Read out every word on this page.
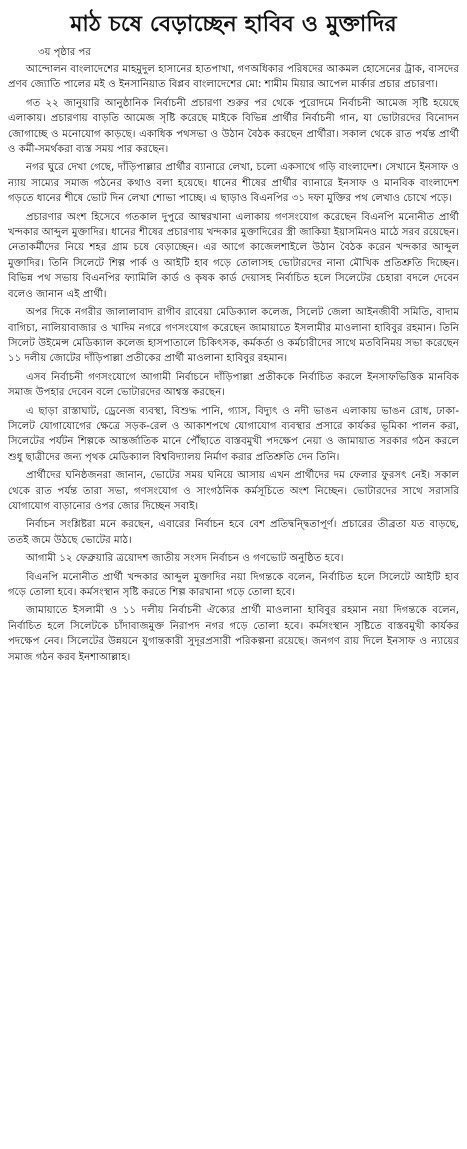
মাঠ চষে বেড়াচ্ছেন হাবিব ও মুক্তাদির
৩য় পৃষ্ঠার পর

আন্দোলন বাংলাদেশের মাহমুদুল হাসানের হাতপাখা, গণঅধিকার পরিষদের আকমল হোসেনের ট্রাক, বাসদের প্রণব জ্যোতি পালের মই ও ইনসানিয়াত বিপ্লব বাংলাদেশের মো: শামীম মিয়ার আপেল মার্কার প্রচার প্রচারণা।

গত ২২ জানুয়ারি আনুষ্ঠানিক নির্বাচনী প্রচারণা শুরুর পর থেকে পুরোদমে নির্বাচনী আমেজ সৃষ্টি হয়েছে এলাকায়। প্রচারণায় বাড়তি আমেজ সৃষ্টি করেছে মাইকে বিভিন্ন প্রার্থীর নির্বাচনী গান, যা ভোটারদের বিনোদন জোগাচ্ছে ও মনোযোগ কাড়ছে। একাধিক পথসভা ও উঠান বৈঠক করছেন প্রার্থীরা। সকাল থেকে রাত পর্যন্ত প্রার্থী ও কর্মী-সমর্থকরা ব্যস্ত সময় পার করছেন।

নগর ঘুরে দেখা গেছে, দাঁড়িপাল্লার প্রার্থীর ব্যানারে লেখা, চলো একসাথে গড়ি বাংলাদেশ। সেখানে ইনসাফ ও ন্যায় সাম্যের সমাজ গঠনের কথাও বলা হয়েছে। ধানের শীষের প্রার্থীর ব্যানারে ইনসাফ ও মানবিক বাংলাদেশ গড়তে ধানের শীষে ভোট দিন লেখা শোভা পাচ্ছে। এ ছাড়াও বিএনপির ৩১ দফা মুক্তির পথ লেখাও চোখে পড়ে।

প্রচারণার অংশ হিসেবে গতকাল দুপুরে আম্বরখানা এলাকায় গণসংযোগ করেছেন বিএনপি মনোনীত প্রার্থী খন্দকার আব্দুল মুক্তাদির। ধানের শীষের প্রচারণায় খন্দকার মুক্তাদিরের স্ত্রী জাকিয়া ইয়াসমিনও মাঠে সরব রয়েছেন। নেতাকর্মীদের নিয়ে শহর গ্রাম চষে বেড়াচ্ছেন। এর আগে কাজেলশাইলে উঠান বৈঠক করেন খন্দকার আব্দুল মুক্তাদির। তিনি সিলেটে শিল্প পার্ক ও আইটি হাব গড়ে তোলাসহ ভোটারদের নানা মৌখিক প্রতিশ্রুতি দিচ্ছেন। বিভিন্ন পথ সভায় বিএনপির ফ্যামিলি কার্ড ও কৃষক কার্ড দেয়াসহ নির্বাচিত হলে সিলেটের চেহারা বদলে দেবেন বলেও জানান এই প্রার্থী।

অপর দিকে নগরীর জালালাবাদ রাগীব রাবেয়া মেডিক্যাল কলেজ, সিলেট জেলা আইনজীবী সমিতি, বাদাম বাগিচা, নালিয়াবাজার ও খাদিম নগরে গণসংযোগ করেছেন জামায়াতে ইসলামীর মাওলানা হাবিবুর রহমান। তিনি সিলেট উইমেন্স মেডিক্যাল কলেজ হাসপাতালে চিকিৎসক, কর্মকর্তা ও কর্মচারীদের সাথে মতবিনিময় সভা করেছেন ১১ দলীয় জোটের দাঁড়িপাল্লা প্রতীকের প্রার্থী মাওলানা হাবিবুর রহমান।

এসব নির্বাচনী গণসংযোগে আগামী নির্বাচনে দাঁড়িপাল্লা প্রতীককে নির্বাচিত করলে ইনসাফভিত্তিক মানবিক সমাজ উপহার দেবেন বলে ভোটারদের আশ্বস্ত করছেন।

এ ছাড়া রাস্তাঘাট, ড্রেনেজ ব্যবস্থা, বিশুদ্ধ পানি, গ্যাস, বিদ্যুৎ ও নদী ভাঙন এলাকায় ভাঙন রোধ, ঢাকা-সিলেট যোগাযোগের ক্ষেত্রে সড়ক-রেল ও আকাশপথে যোগাযোগ ব্যবস্থার প্রসারে কার্যকর ভূমিকা পালন করা, সিলেটের পর্যটন শিল্পকে আন্তর্জাতিক মানে পৌঁছাতে বাস্তবমুখী পদক্ষেপ নেয়া ও জামায়াত সরকার গঠন করলে শুধু ছাত্রীদের জন্য পৃথক মেডিক্যাল বিশ্ববিদ্যালয় নির্মাণ করার প্রতিশ্রুতি দেন তিনি।

প্রার্থীদের ঘনিষ্ঠজনরা জানান, ভোটের সময় ঘনিয়ে আসায় এখন প্রার্থীদের দম ফেলার ফুরসৎ নেই। সকাল থেকে রাত পর্যন্ত তারা সভা, গণসংযোগ ও সাংগঠনিক কর্মসূচিতে অংশ নিচ্ছেন। ভোটারদের সাথে সরাসরি যোগাযোগ বাড়ানোর ওপর জোর দিচ্ছেন সবাই।

নির্বাচন সংশ্লিষ্টরা মনে করছেন, এবারের নির্বাচন হবে বেশ প্রতিদ্বন্দ্বিতাপূর্ণ। প্রচারের তীব্রতা যত বাড়ছে, ততই জমে উঠছে ভোটের মাঠ।

আগামী ১২ ফেব্রুয়ারি ত্রয়োদশ জাতীয় সংসদ নির্বাচন ও গণভোট অনুষ্ঠিত হবে।

বিএনপি মনোনীত প্রার্থী খন্দকার আব্দুল মুক্তাদির নয়া দিগন্তকে বলেন, নির্বাচিত হলে সিলেটে আইটি হাব গড়ে তোলা হবে। কর্মসংস্থান সৃষ্টি করতে শিল্প কারখানা গড়ে তোলা হবে।

জামায়াতে ইসলামী ও ১১ দলীয় নির্বাচনী ঐক্যের প্রার্থী মাওলানা হাবিবুর রহমান নয়া দিগন্তকে বলেন, নির্বাচিত হলে সিলেটকে চাঁদাবাজমুক্ত নিরাপদ নগর গড়ে তোলা হবে। কর্মসংস্থান সৃষ্টিতে বাস্তবমুখী কার্যকর পদক্ষেপ নেব। সিলেটের উন্নয়নে যুগান্তকারী সুদূরপ্রসারী পরিকল্পনা রয়েছে। জনগণ রায় দিলে ইনসাফ ও ন্যায়ের সমাজ গঠন করব ইনশাআল্লাহ।
